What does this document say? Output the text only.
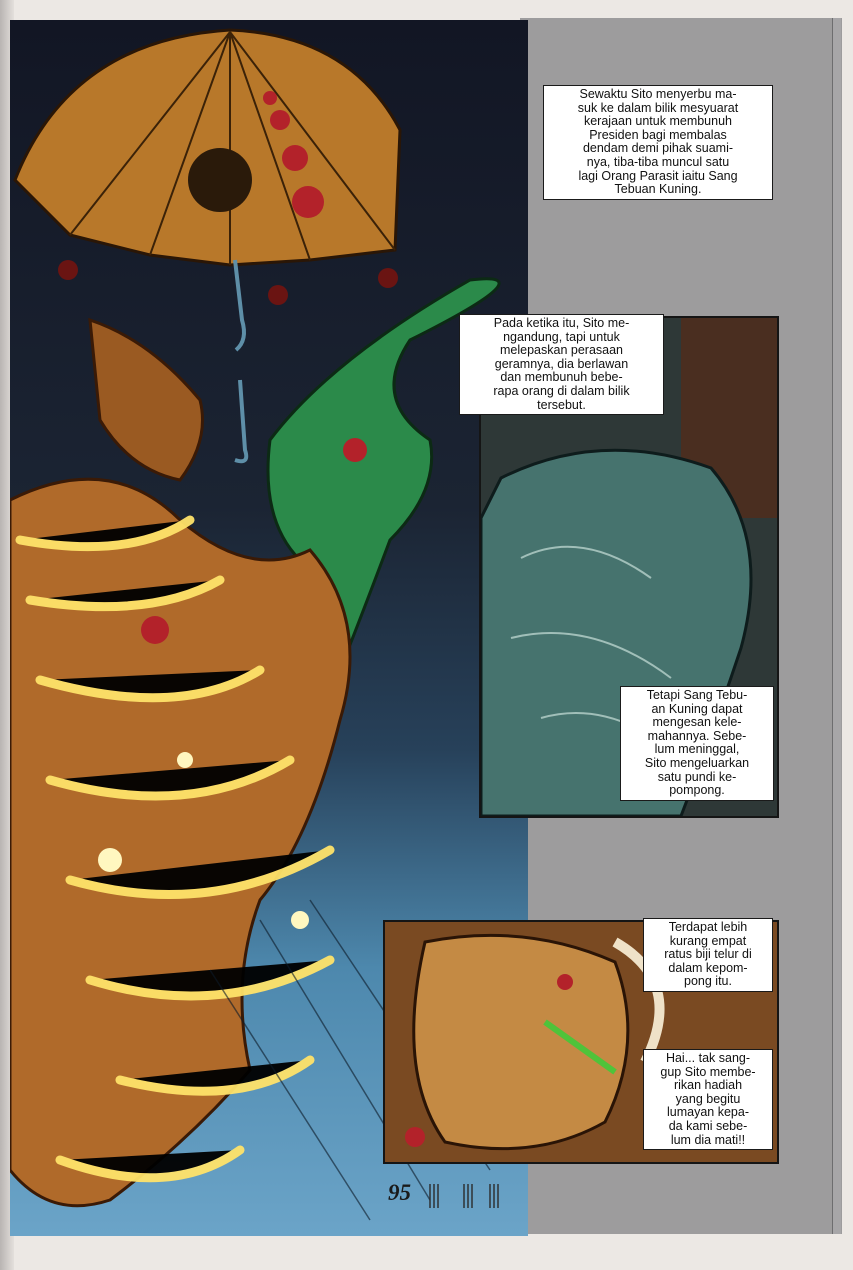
Sewaktu Sito menyerbu ma-
suk ke dalam bilik mesyuarat
kerajaan untuk membunuh
Presiden bagi membalas
dendam demi pihak suami-
nya, tiba-tiba muncul satu
lagi Orang Parasit iaitu Sang
Tebuan Kuning.
Pada ketika itu, Sito me-
ngandung, tapi untuk
melepaskan perasaan
geramnya, dia berlawan
dan membunuh bebe-
rapa orang di dalam bilik
tersebut.
Tetapi Sang Tebu-
an Kuning dapat
mengesan kele-
mahannya. Sebe-
lum meninggal,
Sito mengeluarkan
satu pundi ke-
pompong.
Terdapat lebih
kurang empat
ratus biji telur di
dalam kepom-
pong itu.
Hai... tak sang-
gup Sito membe-
rikan hadiah
yang begitu
lumayan kepa-
da kami sebe-
lum dia mati!!
95
